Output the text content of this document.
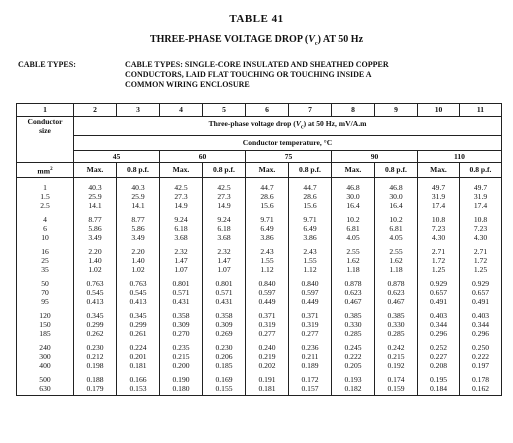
TABLE 41
THREE-PHASE VOLTAGE DROP $(V_c)$ AT 50 Hz
CABLE TYPES:	CABLE TYPES: SINGLE-CORE INSULATED AND SHEATHED COPPER
CONDUCTORS, LAID FLAT TOUCHING OR TOUCHING INSIDE A
COMMON WIRING ENCLOSURE
1	2	3	4	5	6	7	8	9	10	11
Conductor
size	Three-phase voltage drop $(V_c)$ at 50 Hz, mV/A.m									
	Conductor temperature, °C									
	45		60		75		90		110	
$mm^2$	Max.	0.8 p.f.	Max.	0.8 p.f.	Max.	0.8 p.f.	Max.	0.8 p.f.	Max.	0.8 p.f.
1	40.3	40.3	42.5	42.5	44.7	44.7	46.8	46.8	49.7	49.7
1.5	25.9	25.9	27.3	27.3	28.6	28.6	30.0	30.0	31.9	31.9
2.5	14.1	14.1	14.9	14.9	15.6	15.6	16.4	16.4	17.4	17.4
4	8.77	8.77	9.24	9.24	9.71	9.71	10.2	10.2	10.8	10.8
6	5.86	5.86	6.18	6.18	6.49	6.49	6.81	6.81	7.23	7.23
10	3.49	3.49	3.68	3.68	3.86	3.86	4.05	4.05	4.30	4.30
16	2.20	2.20	2.32	2.32	2.43	2.43	2.55	2.55	2.71	2.71
25	1.40	1.40	1.47	1.47	1.55	1.55	1.62	1.62	1.72	1.72
35	1.02	1.02	1.07	1.07	1.12	1.12	1.18	1.18	1.25	1.25
50	0.763	0.763	0.801	0.801	0.840	0.840	0.878	0.878	0.929	0.929
70	0.545	0.545	0.571	0.571	0.597	0.597	0.623	0.623	0.657	0.657
95	0.413	0.413	0.431	0.431	0.449	0.449	0.467	0.467	0.491	0.491
120	0.345	0.345	0.358	0.358	0.371	0.371	0.385	0.385	0.403	0.403
150	0.299	0.299	0.309	0.309	0.319	0.319	0.330	0.330	0.344	0.344
185	0.262	0.261	0.270	0.269	0.277	0.277	0.285	0.285	0.296	0.296
240	0.230	0.224	0.235	0.230	0.240	0.236	0.245	0.242	0.252	0.250
300	0.212	0.201	0.215	0.206	0.219	0.211	0.222	0.215	0.227	0.222
400	0.198	0.181	0.200	0.185	0.202	0.189	0.205	0.192	0.208	0.197
500	0.188	0.166	0.190	0.169	0.191	0.172	0.193	0.174	0.195	0.178
630	0.179	0.153	0.180	0.155	0.181	0.157	0.182	0.159	0.184	0.162
